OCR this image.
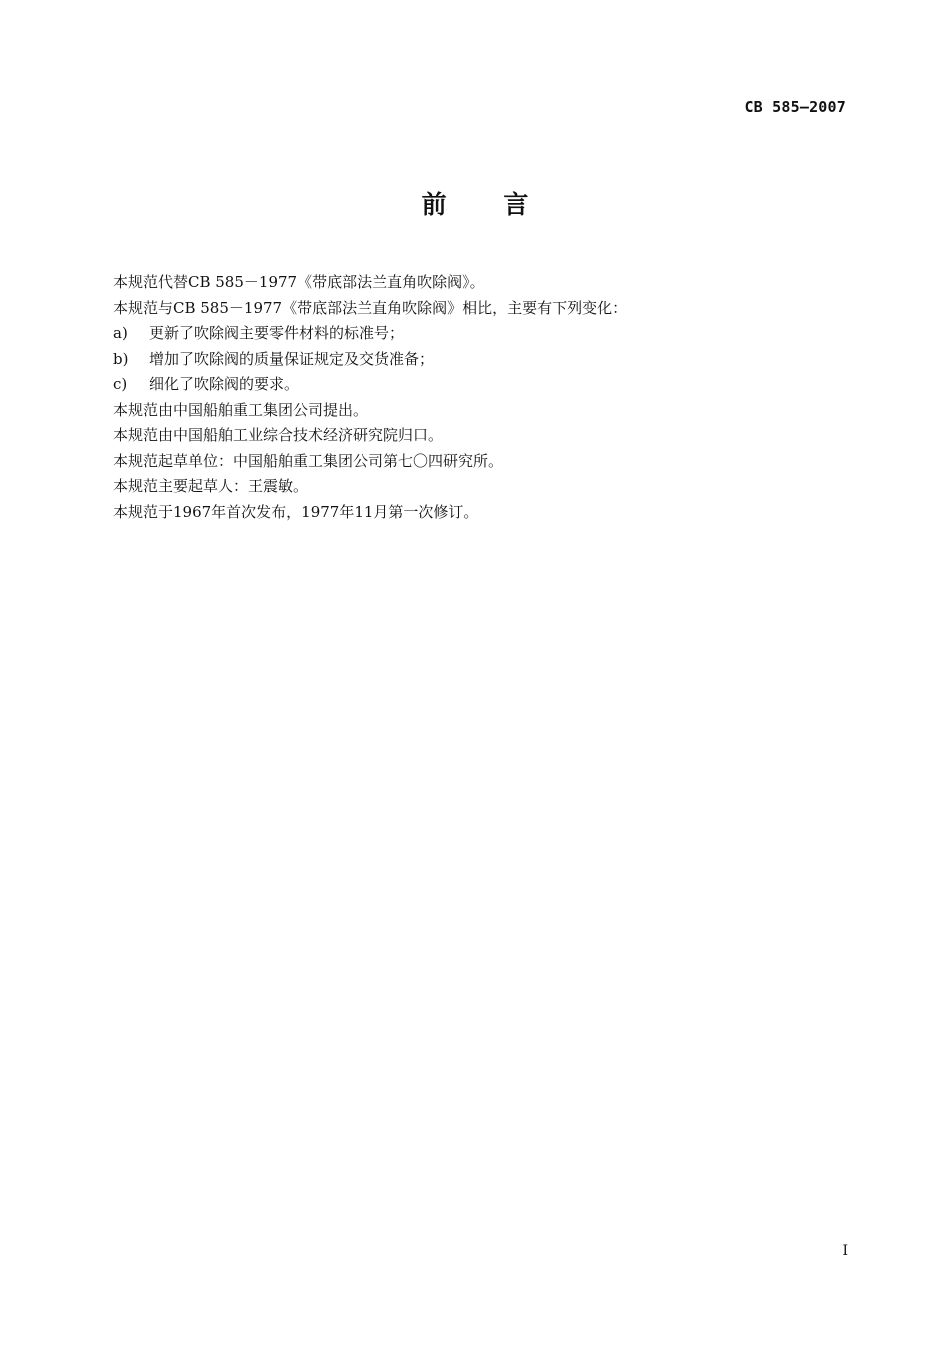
CB 585—2007
前 言
本规范代替CB 585－1977《带底部法兰直角吹除阀》。
本规范与CB 585－1977《带底部法兰直角吹除阀》相比，主要有下列变化：
a) 更新了吹除阀主要零件材料的标准号；
b) 增加了吹除阀的质量保证规定及交货准备；
c) 细化了吹除阀的要求。
本规范由中国船舶重工集团公司提出。
本规范由中国船舶工业综合技术经济研究院归口。
本规范起草单位：中国船舶重工集团公司第七〇四研究所。
本规范主要起草人：王震敏。
本规范于1967年首次发布，1977年11月第一次修订。
I
